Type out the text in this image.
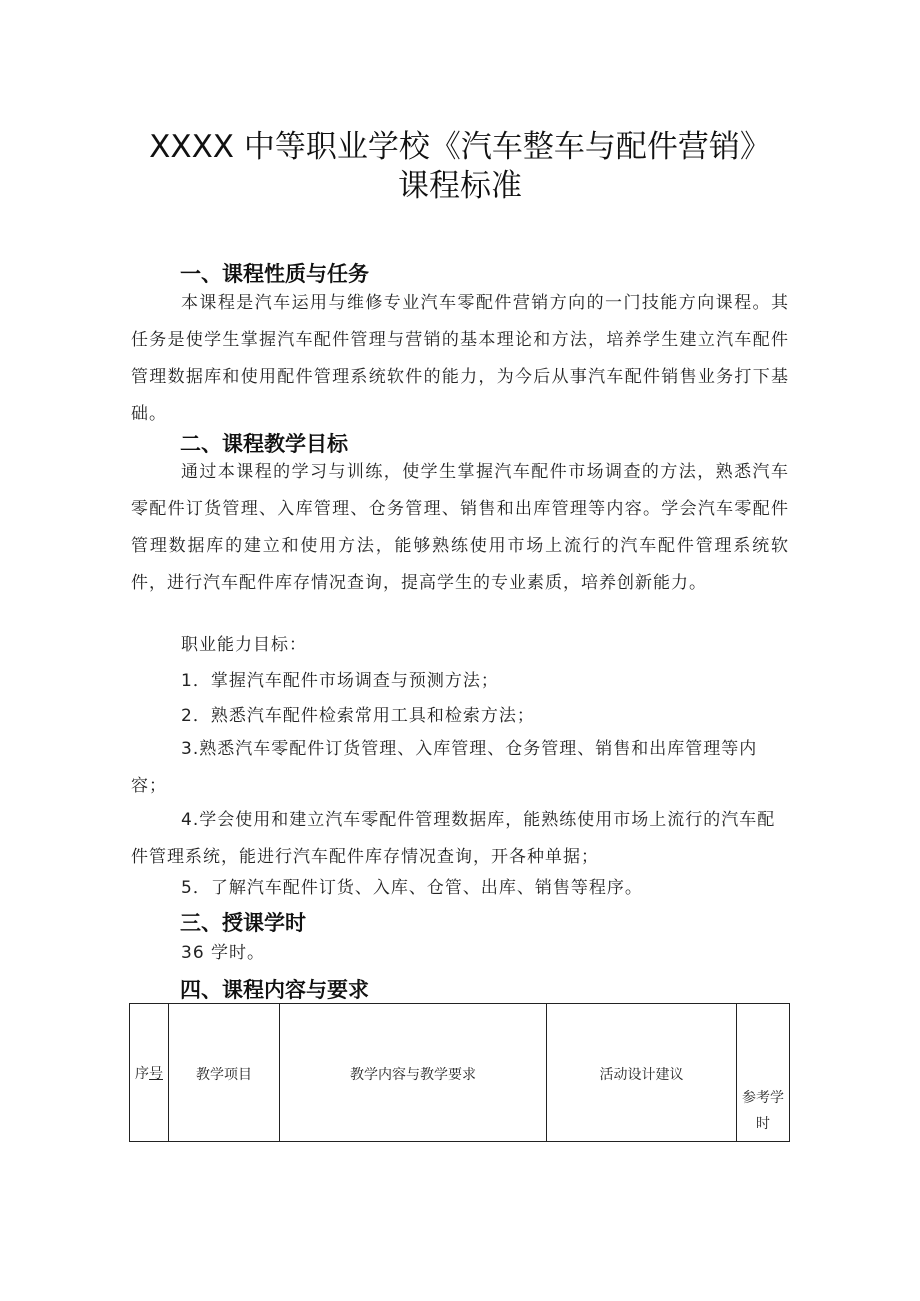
XXXX 中等职业学校《汽车整车与配件营销》
课程标准
一、课程性质与任务

本课程是汽车运用与维修专业汽车零配件营销方向的一门技能方向课程。其任务是使学生掌握汽车配件管理与营销的基本理论和方法，培养学生建立汽车配件管理数据库和使用配件管理系统软件的能力，为今后从事汽车配件销售业务打下基础。

二、课程教学目标

通过本课程的学习与训练，使学生掌握汽车配件市场调查的方法，熟悉汽车零配件订货管理、入库管理、仓务管理、销售和出库管理等内容。学会汽车零配件管理数据库的建立和使用方法，能够熟练使用市场上流行的汽车配件管理系统软件，进行汽车配件库存情况查询，提高学生的专业素质，培养创新能力。

职业能力目标：

1．掌握汽车配件市场调查与预测方法；

2．熟悉汽车配件检索常用工具和检索方法；

3.熟悉汽车零配件订货管理、入库管理、仓务管理、销售和出库管理等内容；

4.学会使用和建立汽车零配件管理数据库，能熟练使用市场上流行的汽车配件管理系统，能进行汽车配件库存情况查询，开各种单据；

5．了解汽车配件订货、入库、仓管、出库、销售等程序。

三、授课学时

36 学时。

四、课程内容与要求
序号	教学项目	教学内容与教学要求	活动设计建议	参考学时
